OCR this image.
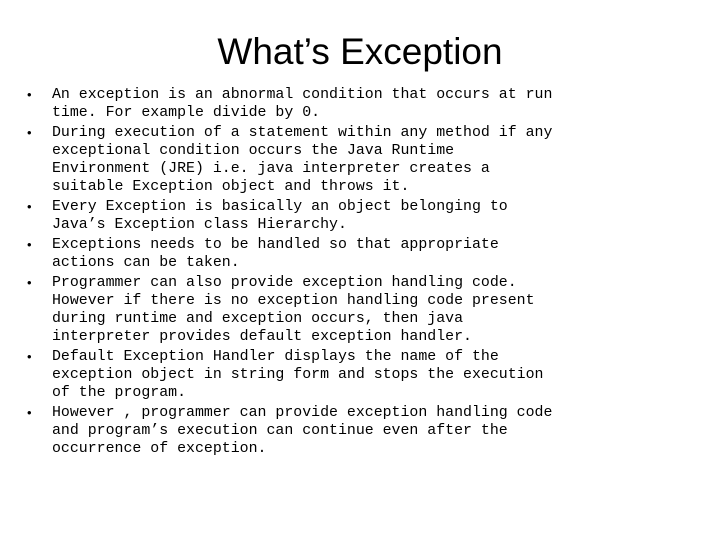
What’s Exception
•	An exception is an abnormal condition that occurs at run
time. For example divide by 0.
•	During execution of a statement within any method if any
exceptional condition occurs the Java Runtime
Environment (JRE) i.e. java interpreter creates a
suitable Exception object and throws it.
•	Every Exception is basically an object belonging to
Java’s Exception class Hierarchy.
•	Exceptions needs to be handled so that appropriate
actions can be taken.
•	Programmer can also provide exception handling code.
However if there is no exception handling code present
during runtime and exception occurs, then java
interpreter provides default exception handler.
•	Default Exception Handler displays the name of the
exception object in string form and stops the execution
of the program.
•	However , programmer can provide exception handling code
and program’s execution can continue even after the
occurrence of exception.
